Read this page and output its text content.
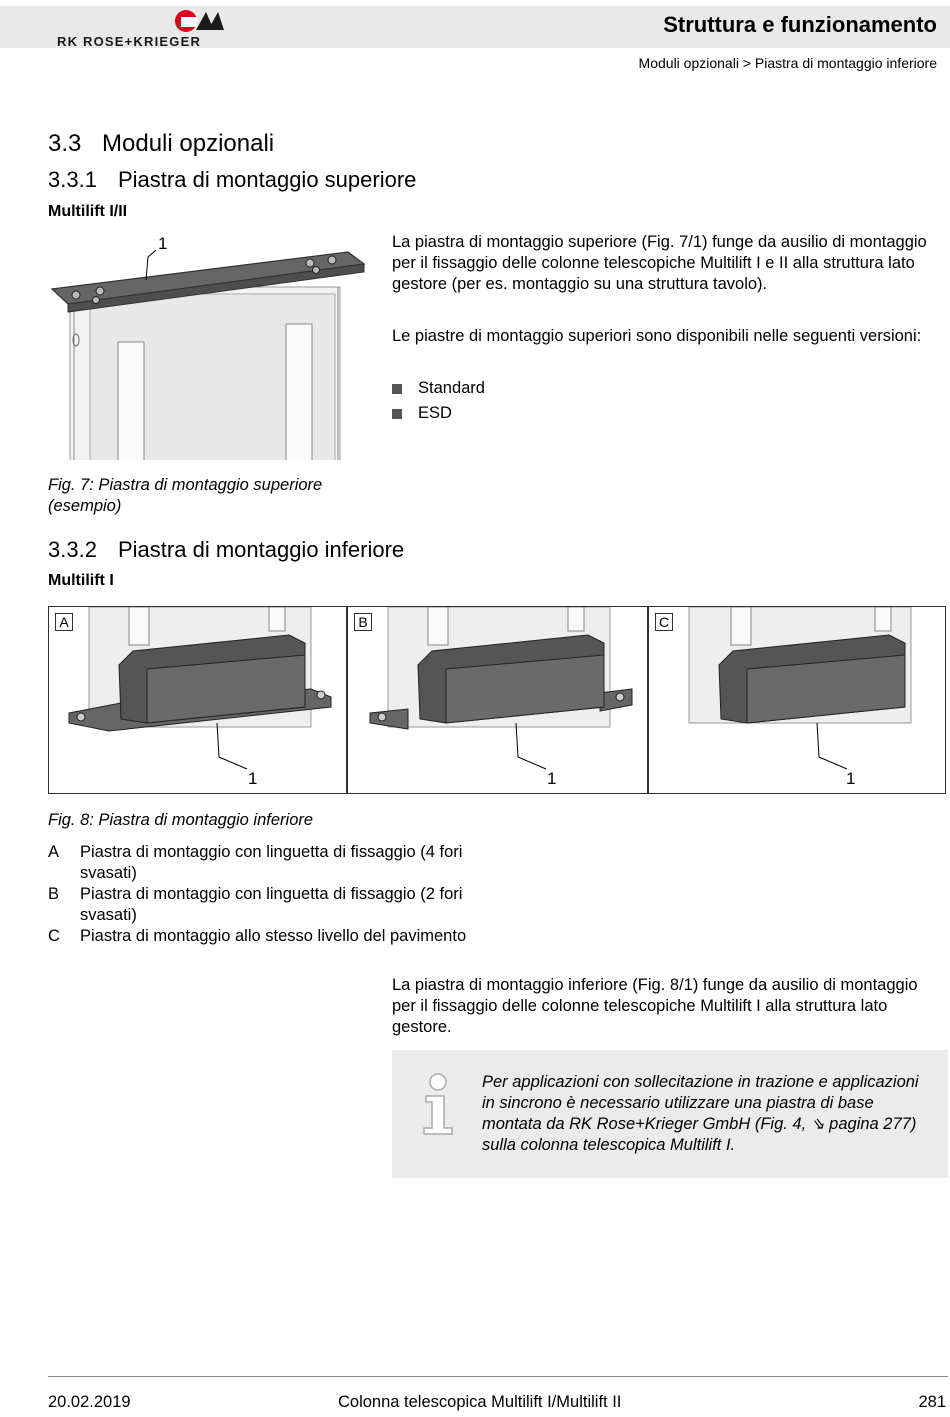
RK ROSE+KRIEGER
Struttura e funzionamento
Moduli opzionali > Piastra di montaggio inferiore
3.3 Moduli opzionali
3.3.1 Piastra di montaggio superiore
Multilift I/II
1	La piastra di montaggio superiore (Fig. 7/1) funge da ausilio di montaggio per il fissaggio delle colonne telescopiche Multilift I e II alla struttura lato gestore (per es. montaggio su una struttura tavolo).
Le piastre di montaggio superiori sono disponibili nelle seguenti versioni:
Standard
ESD
Fig. 7: Piastra di montaggio superiore (esempio)
3.3.2 Piastra di montaggio inferiore
Multilift I
A
1
B
1
C
1
Fig. 8: Piastra di montaggio inferiore
A	Piastra di montaggio con linguetta di fissaggio (4 fori svasati)
B	Piastra di montaggio con linguetta di fissaggio (2 fori svasati)
C	Piastra di montaggio allo stesso livello del pavimento
La piastra di montaggio inferiore (Fig. 8/1) funge da ausilio di montaggio per il fissaggio delle colonne telescopiche Multilift I alla struttura lato gestore.
Per applicazioni con sollecitazione in trazione e applicazioni in sincrono è necessario utilizzare una piastra di base montata da RK Rose+Krieger GmbH (Fig. 4, ⇘ pagina 277) sulla colonna telescopica Multilift I.
20.02.2019	Colonna telescopica Multilift I/Multilift II	281
